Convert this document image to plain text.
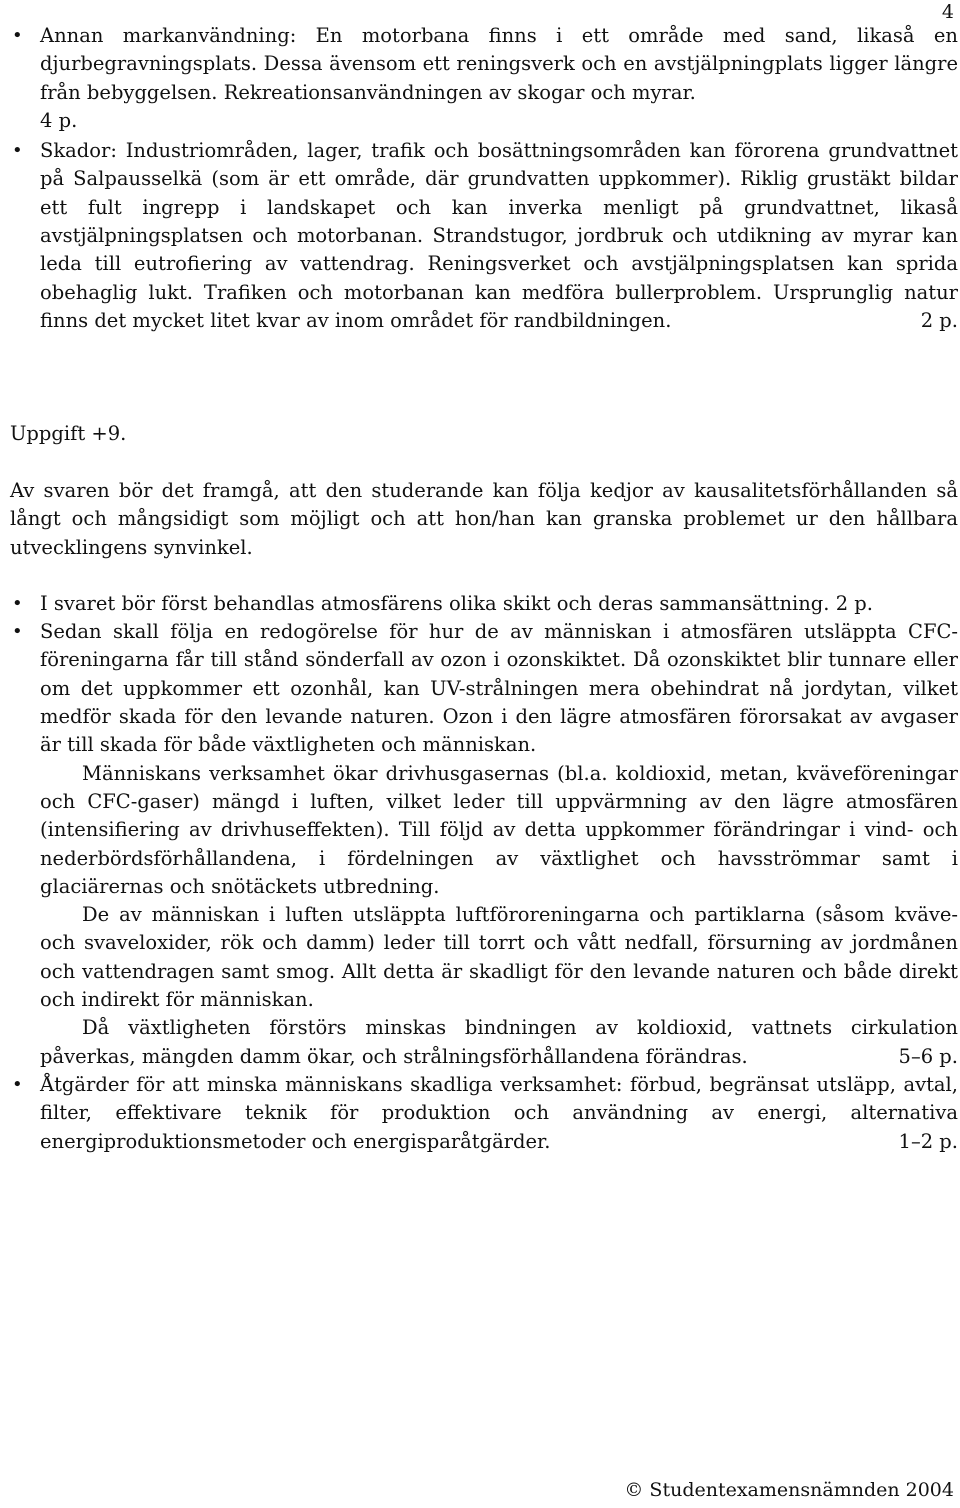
4
• Annan markanvändning: En motorbana finns i ett område med sand, likaså en djurbegravningsplats. Dessa ävensom ett reningsverk och en avstjälpningplats ligger längre från bebyggelsen. Rekreationsanvändningen av skogar och myrar.
4 p.
• Skador: Industriområden, lager, trafik och bosättningsområden kan förorena grundvattnet på Salpausselkä (som är ett område, där grundvatten uppkommer). Riklig grustäkt bildar ett fult ingrepp i landskapet och kan inverka menligt på grundvattnet, likaså avstjälpningsplatsen och motorbanan. Strandstugor, jordbruk och utdikning av myrar kan leda till eutrofiering av vattendrag. Reningsverket och avstjälpningsplatsen kan sprida obehaglig lukt. Trafiken och motorbanan kan medföra bullerproblem. Ursprunglig natur finns det mycket litet kvar av inom området för randbildningen.	2 p.
Uppgift +9.

Av svaren bör det framgå, att den studerande kan följa kedjor av kausalitetsförhållanden så långt och mångsidigt som möjligt och att hon/han kan granska problemet ur den hållbara utvecklingens synvinkel.

• I svaret bör först behandlas atmosfärens olika skikt och deras sammansättning. 2 p.
• Sedan skall följa en redogörelse för hur de av människan i atmosfären utsläppta CFC-föreningarna får till stånd sönderfall av ozon i ozonskiktet. Då ozonskiktet blir tunnare eller om det uppkommer ett ozonhål, kan UV-strålningen mera obehindrat nå jordytan, vilket medför skada för den levande naturen. Ozon i den lägre atmosfären förorsakat av avgaser är till skada för både växtligheten och människan.

Människans verksamhet ökar drivhusgasernas (bl.a. koldioxid, metan, kväveföreningar och CFC-gaser) mängd i luften, vilket leder till uppvärmning av den lägre atmosfären (intensifiering av drivhuseffekten). Till följd av detta uppkommer förändringar i vind- och nederbördsförhållandena, i fördelningen av växtlighet och havsströmmar samt i glaciärernas och snötäckets utbredning.

De av människan i luften utsläppta luftföroreningarna och partiklarna (såsom kväve- och svaveloxider, rök och damm) leder till torrt och vått nedfall, försurning av jordmånen och vattendragen samt smog. Allt detta är skadligt för den levande naturen och både direkt och indirekt för människan.

Då växtligheten förstörs minskas bindningen av koldioxid, vattnets cirkulation påverkas, mängden damm ökar, och strålningsförhållandena förändras.	5–6 p.

• Åtgärder för att minska människans skadliga verksamhet: förbud, begränsat utsläpp, avtal, filter, effektivare teknik för produktion och användning av energi, alternativa energiproduktionsmetoder och energisparåtgärder.	1–2 p.
© Studentexamensnämnden 2004
